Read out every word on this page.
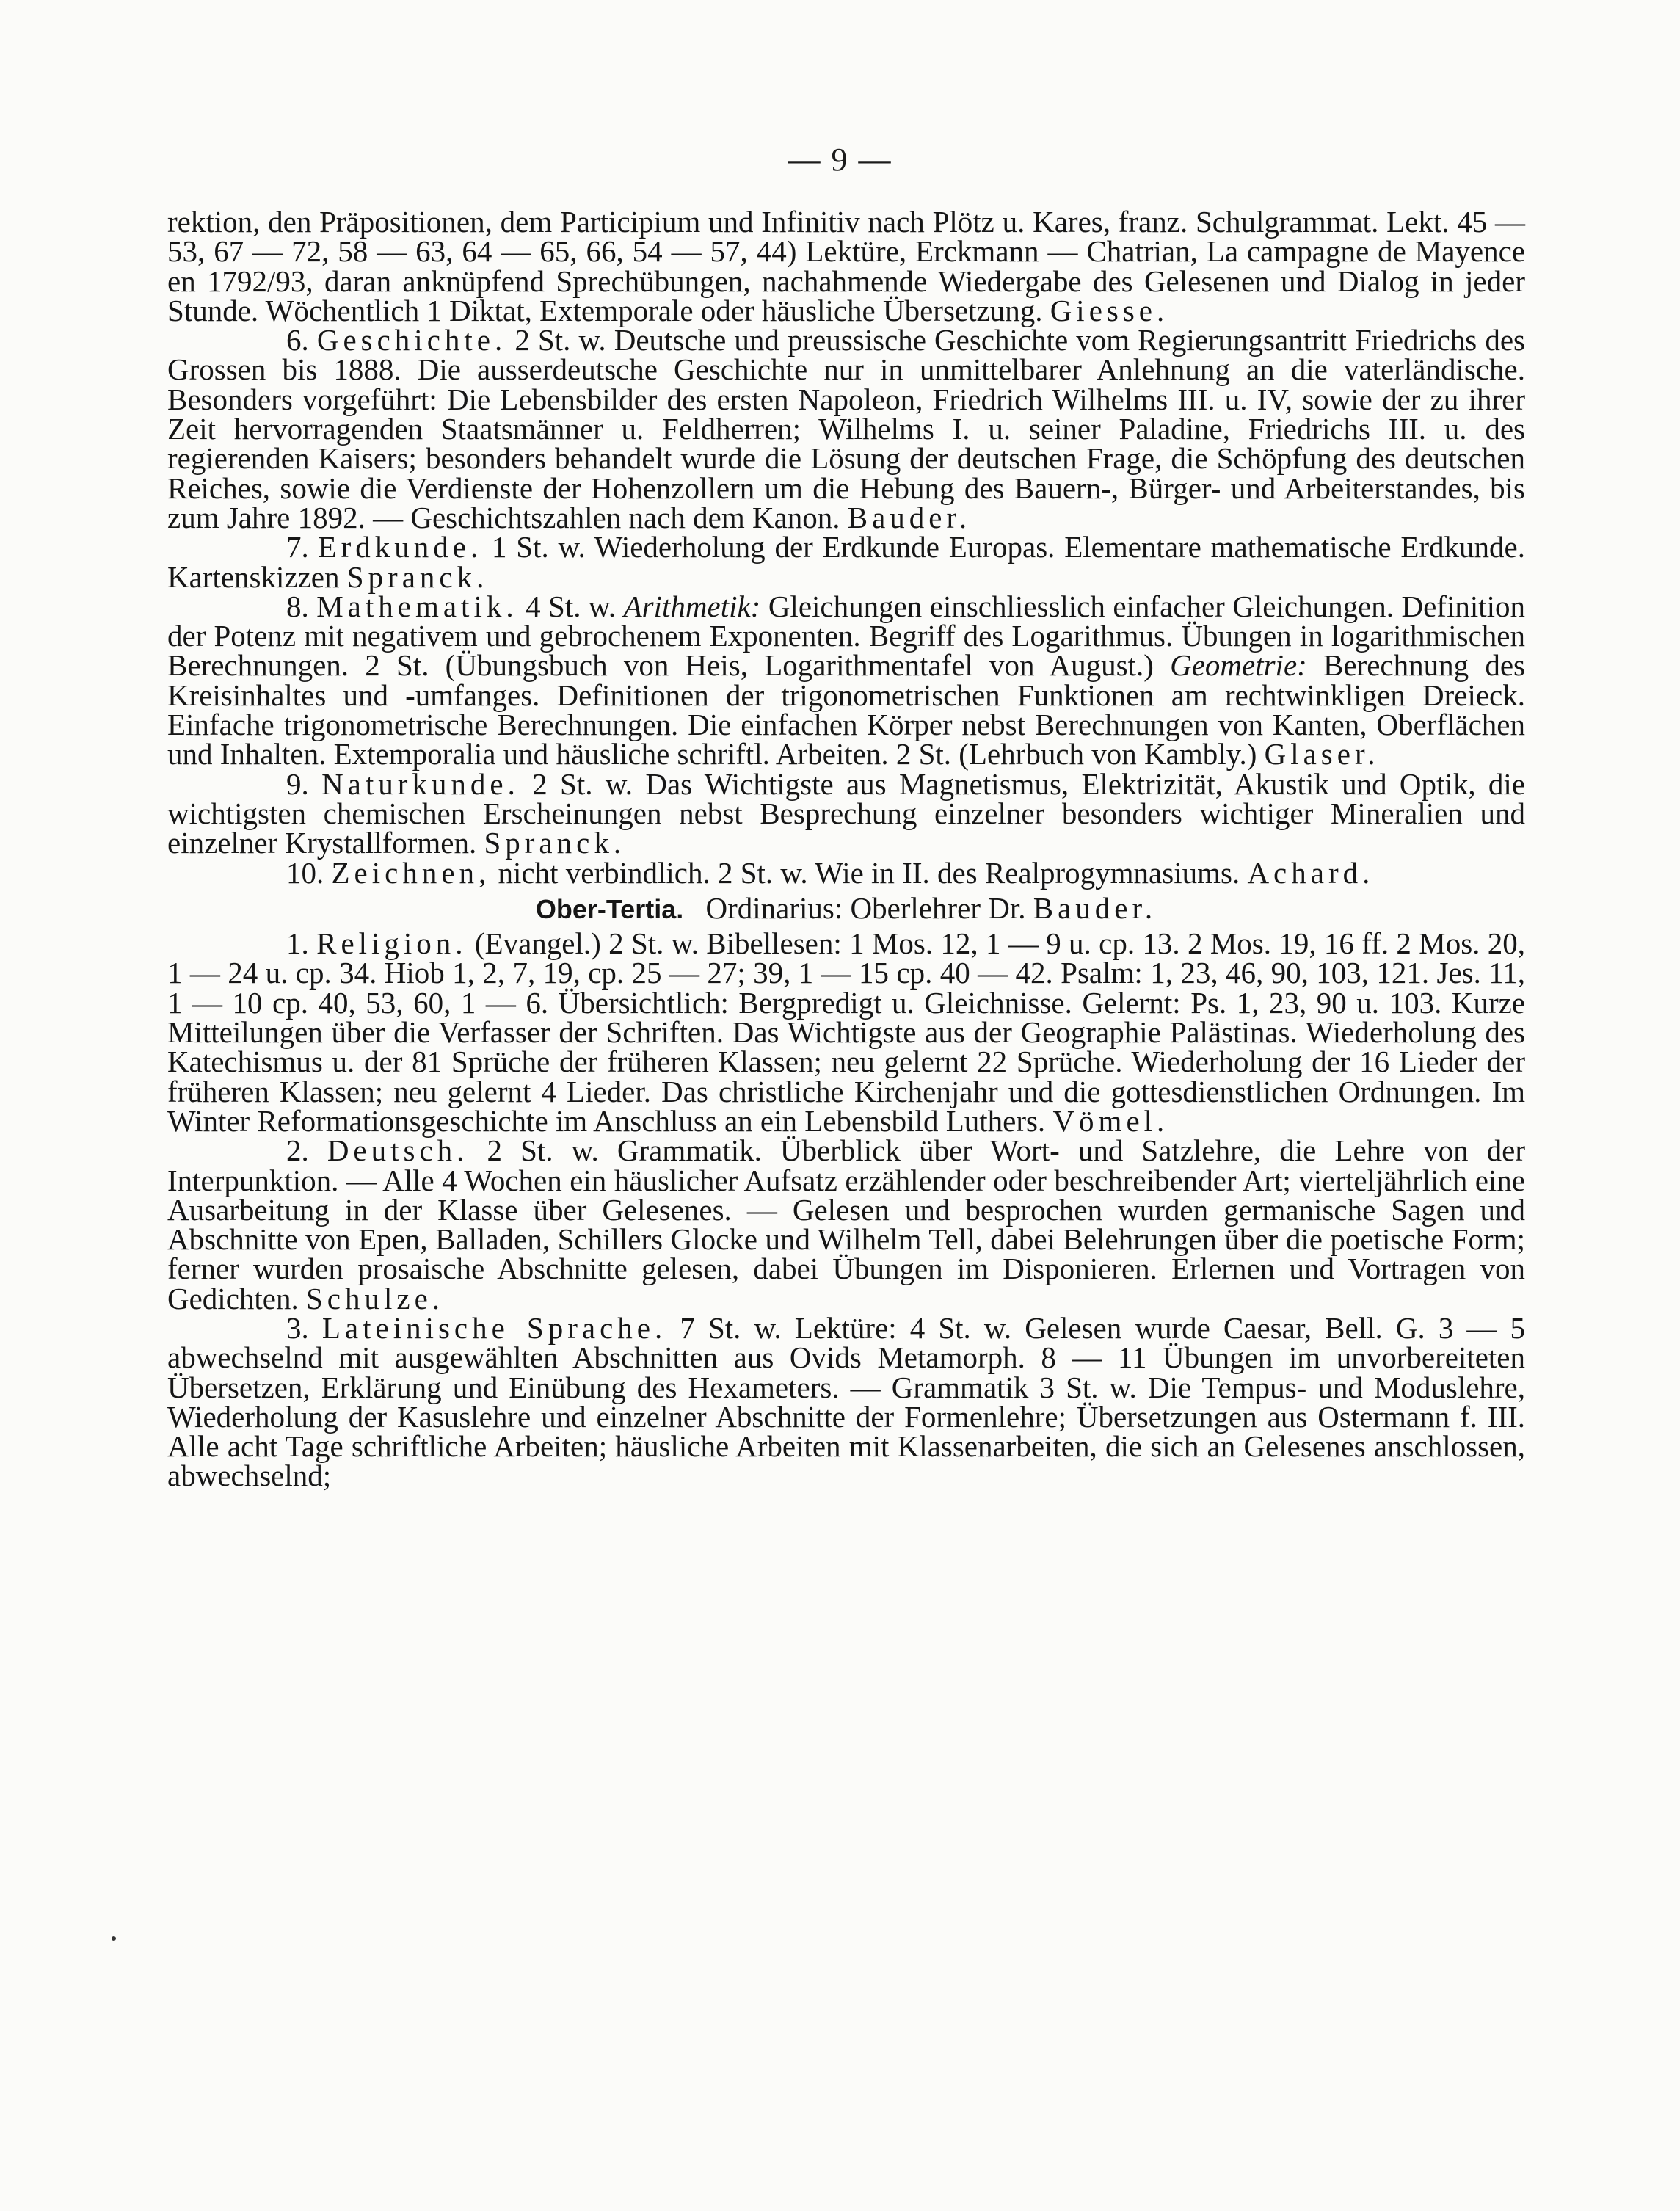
— 9 —

rektion, den Präpositionen, dem Participium und Infinitiv nach Plötz u. Kares, franz. Schulgrammat. Lekt. 45 — 53, 67 — 72, 58 — 63, 64 — 65, 66, 54 — 57, 44) Lektüre, Erckmann — Chatrian, La campagne de Mayence en 1792/93, daran anknüpfend Sprechübungen, nachahmende Wiedergabe des Gelesenen und Dialog in jeder Stunde. Wöchentlich 1 Diktat, Extemporale oder häusliche Übersetzung. Giesse.

6. Geschichte. 2 St. w. Deutsche und preussische Geschichte vom Regierungsantritt Friedrichs des Grossen bis 1888. Die ausserdeutsche Geschichte nur in unmittelbarer Anlehnung an die vaterländische. Besonders vorgeführt: Die Lebensbilder des ersten Napoleon, Friedrich Wilhelms III. u. IV, sowie der zu ihrer Zeit hervorragenden Staatsmänner u. Feldherren; Wilhelms I. u. seiner Paladine, Friedrichs III. u. des regierenden Kaisers; besonders behandelt wurde die Lösung der deutschen Frage, die Schöpfung des deutschen Reiches, sowie die Verdienste der Hohenzollern um die Hebung des Bauern-, Bürger- und Arbeiterstandes, bis zum Jahre 1892. — Geschichtszahlen nach dem Kanon. Bauder.

7. Erdkunde. 1 St. w. Wiederholung der Erdkunde Europas. Elementare mathematische Erdkunde. Kartenskizzen Spranck.

8. Mathematik. 4 St. w. Arithmetik: Gleichungen einschliesslich einfacher Gleichungen. Definition der Potenz mit negativem und gebrochenem Exponenten. Begriff des Logarithmus. Übungen in logarithmischen Berechnungen. 2 St. (Übungsbuch von Heis, Logarithmentafel von August.) Geometrie: Berechnung des Kreisinhaltes und -umfanges. Definitionen der trigonometrischen Funktionen am rechtwinkligen Dreieck. Einfache trigonometrische Berechnungen. Die einfachen Körper nebst Berechnungen von Kanten, Oberflächen und Inhalten. Extemporalia und häusliche schriftl. Arbeiten. 2 St. (Lehrbuch von Kambly.) Glaser.

9. Naturkunde. 2 St. w. Das Wichtigste aus Magnetismus, Elektrizität, Akustik und Optik, die wichtigsten chemischen Erscheinungen nebst Besprechung einzelner besonders wichtiger Mineralien und einzelner Krystallformen. Spranck.

10. Zeichnen, nicht verbindlich. 2 St. w. Wie in II. des Realprogymnasiums. Achard.

Ober-Tertia. Ordinarius: Oberlehrer Dr. Bauder.

1. Religion. (Evangel.) 2 St. w. Bibellesen: 1 Mos. 12, 1 — 9 u. cp. 13. 2 Mos. 19, 16 ff. 2 Mos. 20, 1 — 24 u. cp. 34. Hiob 1, 2, 7, 19, cp. 25 — 27; 39, 1 — 15 cp. 40 — 42. Psalm: 1, 23, 46, 90, 103, 121. Jes. 11, 1 — 10 cp. 40, 53, 60, 1 — 6. Übersichtlich: Bergpredigt u. Gleichnisse. Gelernt: Ps. 1, 23, 90 u. 103. Kurze Mitteilungen über die Verfasser der Schriften. Das Wichtigste aus der Geographie Palästinas. Wiederholung des Katechismus u. der 81 Sprüche der früheren Klassen; neu gelernt 22 Sprüche. Wiederholung der 16 Lieder der früheren Klassen; neu gelernt 4 Lieder. Das christliche Kirchenjahr und die gottesdienstlichen Ordnungen. Im Winter Reformationsgeschichte im Anschluss an ein Lebensbild Luthers. Vömel.

2. Deutsch. 2 St. w. Grammatik. Überblick über Wort- und Satzlehre, die Lehre von der Interpunktion. — Alle 4 Wochen ein häuslicher Aufsatz erzählender oder beschreibender Art; vierteljährlich eine Ausarbeitung in der Klasse über Gelesenes. — Gelesen und besprochen wurden germanische Sagen und Abschnitte von Epen, Balladen, Schillers Glocke und Wilhelm Tell, dabei Belehrungen über die poetische Form; ferner wurden prosaische Abschnitte gelesen, dabei Übungen im Disponieren. Erlernen und Vortragen von Gedichten. Schulze.

3. Lateinische Sprache. 7 St. w. Lektüre: 4 St. w. Gelesen wurde Caesar, Bell. G. 3 — 5 abwechselnd mit ausgewählten Abschnitten aus Ovids Metamorph. 8 — 11 Übungen im unvorbereiteten Übersetzen, Erklärung und Einübung des Hexameters. — Grammatik 3 St. w. Die Tempus- und Moduslehre, Wiederholung der Kasuslehre und einzelner Abschnitte der Formenlehre; Übersetzungen aus Ostermann f. III. Alle acht Tage schriftliche Arbeiten; häusliche Arbeiten mit Klassenarbeiten, die sich an Gelesenes anschlossen, abwechselnd;
